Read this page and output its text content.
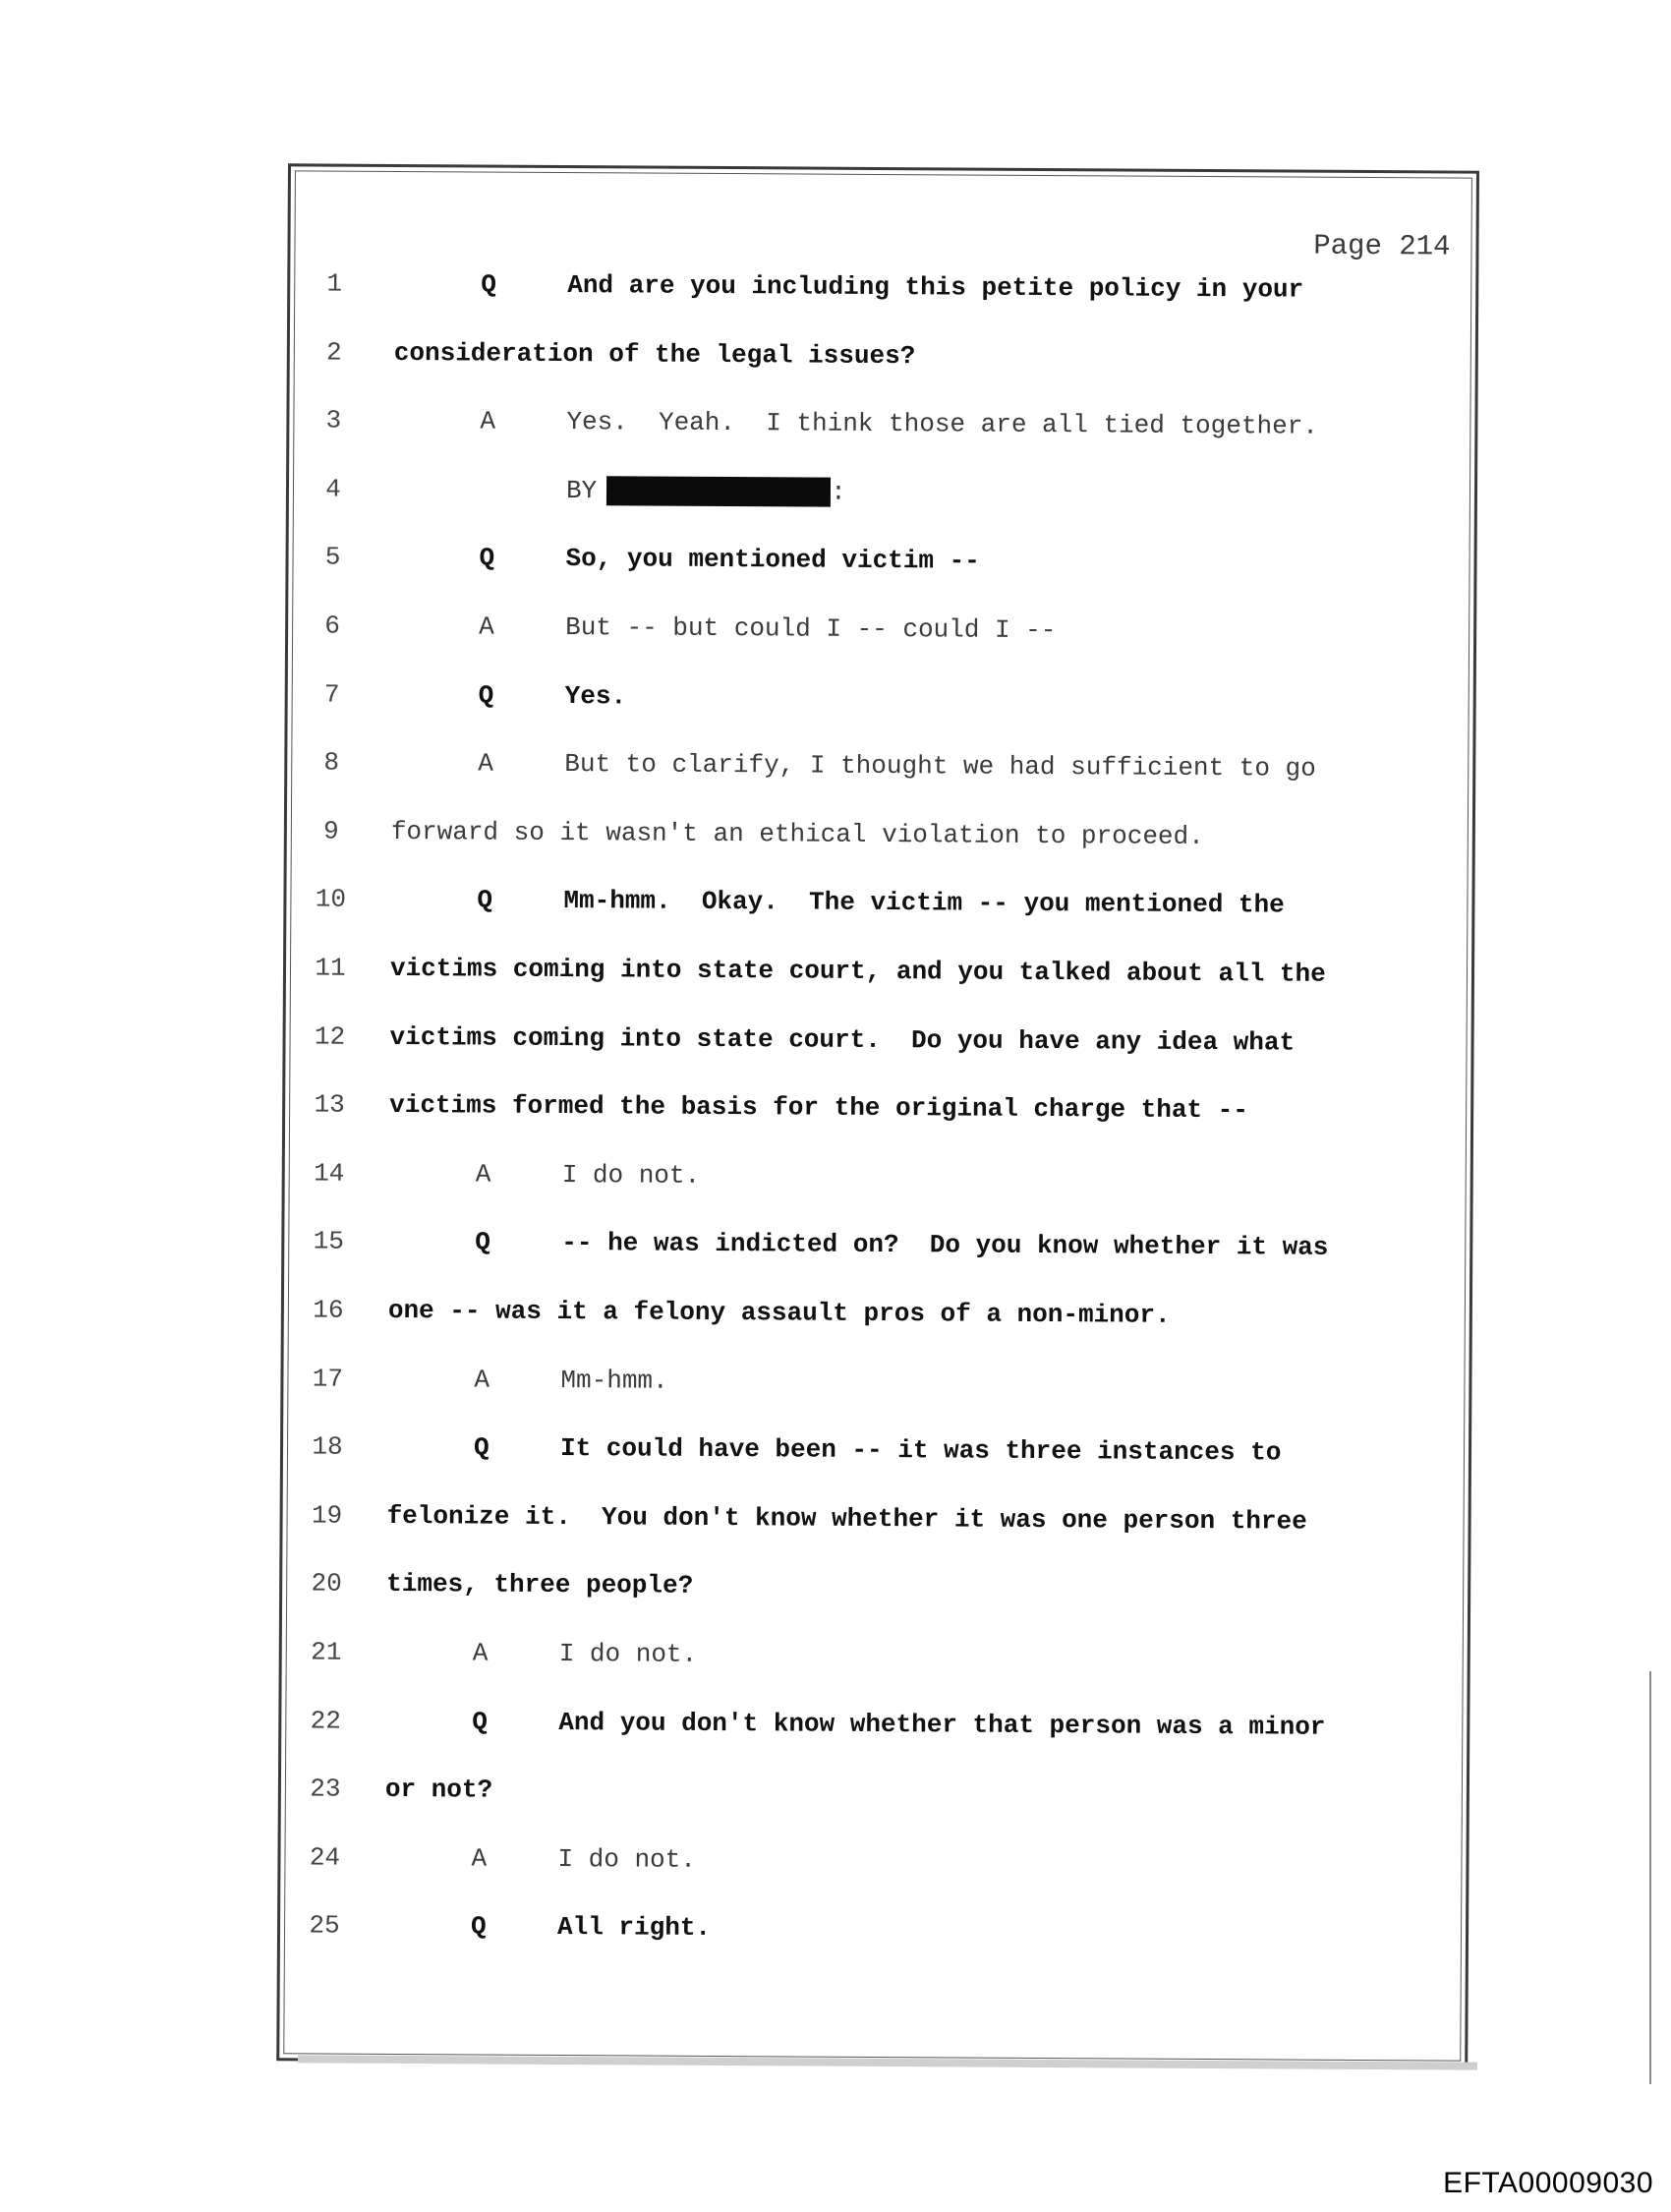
Page 214
1	Q	And are you including this petite policy in your
2	consideration of the legal issues?
3	A	Yes.  Yeah.  I think those are all tied together.
4	BY	:
5	Q	So, you mentioned victim --
6	A	But -- but could I -- could I --
7	Q	Yes.
8	A	But to clarify, I thought we had sufficient to go
9	forward so it wasn't an ethical violation to proceed.
10	Q	Mm-hmm.  Okay.  The victim -- you mentioned the
11 victims coming into state court, and you talked about all the
12 victims coming into state court.  Do you have any idea what
13 victims formed the basis for the original charge that --
14	A	I do not.
15	Q	-- he was indicted on?  Do you know whether it was
16 one -- was it a felony assault pros of a non-minor.
17	A	Mm-hmm.
18	Q	It could have been -- it was three instances to
19 felonize it.  You don't know whether it was one person three
20 times, three people?
21	A	I do not.
22	Q	And you don't know whether that person was a minor
23 or not?
24	A	I do not.
25	Q	All right.
EFTA00009030
